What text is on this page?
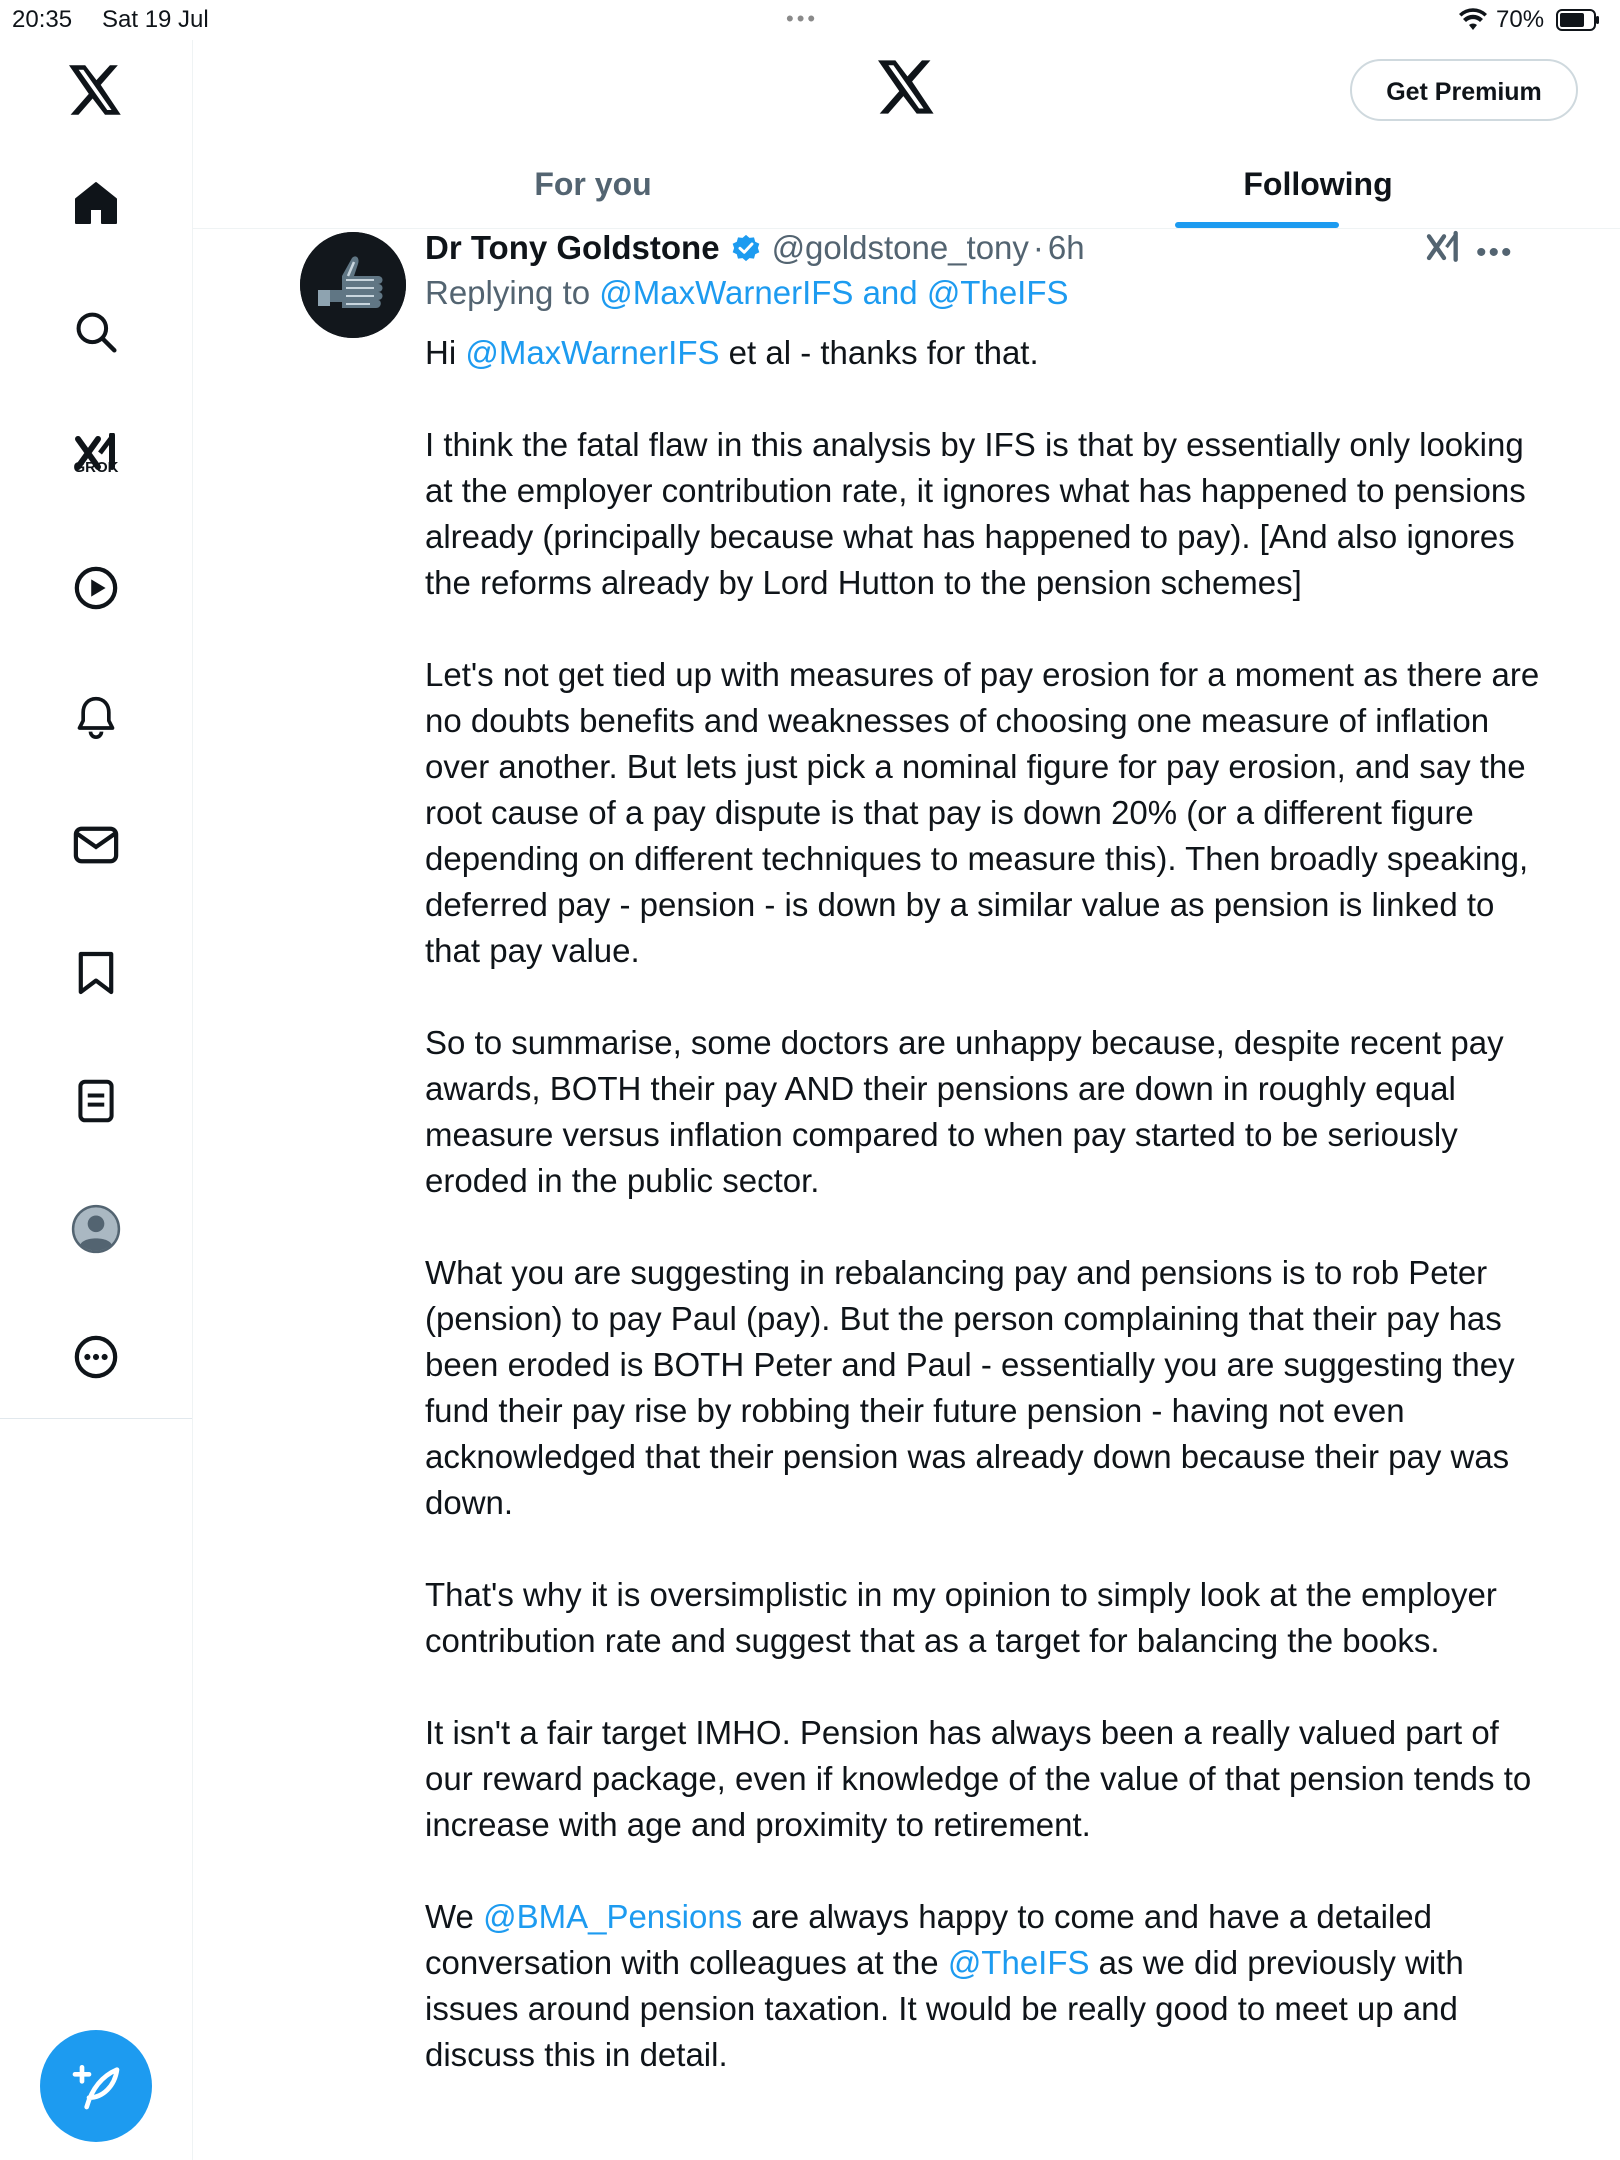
20:35 Sat 19 Jul	•••	70%
GROK
Get Premium
For you	Following
Dr Tony Goldstone @goldstone_tony · 6h	•••
Replying to @MaxWarnerIFS and @TheIFS

Hi @MaxWarnerIFS et al - thanks for that.

I think the fatal flaw in this analysis by IFS is that by essentially only looking at the employer contribution rate, it ignores what has happened to pensions already (principally because what has happened to pay). [And also ignores the reforms already by Lord Hutton to the pension schemes]

Let's not get tied up with measures of pay erosion for a moment as there are no doubts benefits and weaknesses of choosing one measure of inflation over another. But lets just pick a nominal figure for pay erosion, and say the root cause of a pay dispute is that pay is down 20% (or a different figure depending on different techniques to measure this). Then broadly speaking, deferred pay - pension - is down by a similar value as pension is linked to that pay value.

So to summarise, some doctors are unhappy because, despite recent pay awards, BOTH their pay AND their pensions are down in roughly equal measure versus inflation compared to when pay started to be seriously eroded in the public sector.

What you are suggesting in rebalancing pay and pensions is to rob Peter (pension) to pay Paul (pay). But the person complaining that their pay has been eroded is BOTH Peter and Paul - essentially you are suggesting they fund their pay rise by robbing their future pension - having not even acknowledged that their pension was already down because their pay was down.

That's why it is oversimplistic in my opinion to simply look at the employer contribution rate and suggest that as a target for balancing the books.

It isn't a fair target IMHO. Pension has always been a really valued part of our reward package, even if knowledge of the value of that pension tends to increase with age and proximity to retirement.

We @BMA_Pensions are always happy to come and have a detailed conversation with colleagues at the @TheIFS as we did previously with issues around pension taxation. It would be really good to meet up and discuss this in detail.
